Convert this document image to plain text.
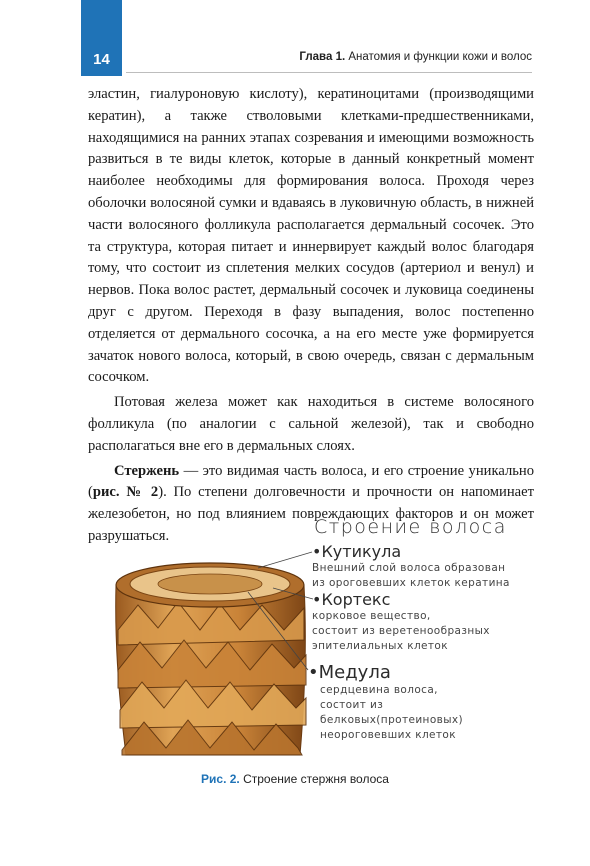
14	Глава 1. Анатомия и функции кожи и волос

эластин, гиалуроновую кислоту), кератиноцитами (производящими кератин), а также стволовыми клетками-предшественниками, находящимися на ранних этапах созревания и имеющими возможность развиться в те виды клеток, которые в данный конкретный момент наиболее необходимы для формирования волоса. Проходя через оболочки волосяной сумки и вдаваясь в луковичную область, в нижней части волосяного фолликула располагается дермальный сосочек. Это та структура, которая питает и иннервирует каждый волос благодаря тому, что состоит из сплетения мелких сосудов (артериол и венул) и нервов. Пока волос растет, дермальный сосочек и луковица соединены друг с другом. Переходя в фазу выпадения, волос постепенно отделяется от дермального сосочка, а на его месте уже формируется зачаток нового волоса, который, в свою очередь, связан с дермальным сосочком.

Потовая железа может как находиться в системе волосяного фолликула (по аналогии с сальной железой), так и свободно располагаться вне его в дермальных слоях.

Стержень — это видимая часть волоса, и его строение уникально (рис. № 2). По степени долговечности и прочности он напоминает железобетон, но под влиянием повреждающих факторов и он может разрушаться.	Строение волоса
•Кутикула
Внешний слой волоса образован
из ороговевших клеток кератина
•Кортекс
корковое вещество,
состоит из веретенообразных
эпителиальных клеток
•Медула
сердцевина волоса,
состоит из белковых(протеиновых)
неороговевших клеток
Рис. 2. Строение стержня волоса
